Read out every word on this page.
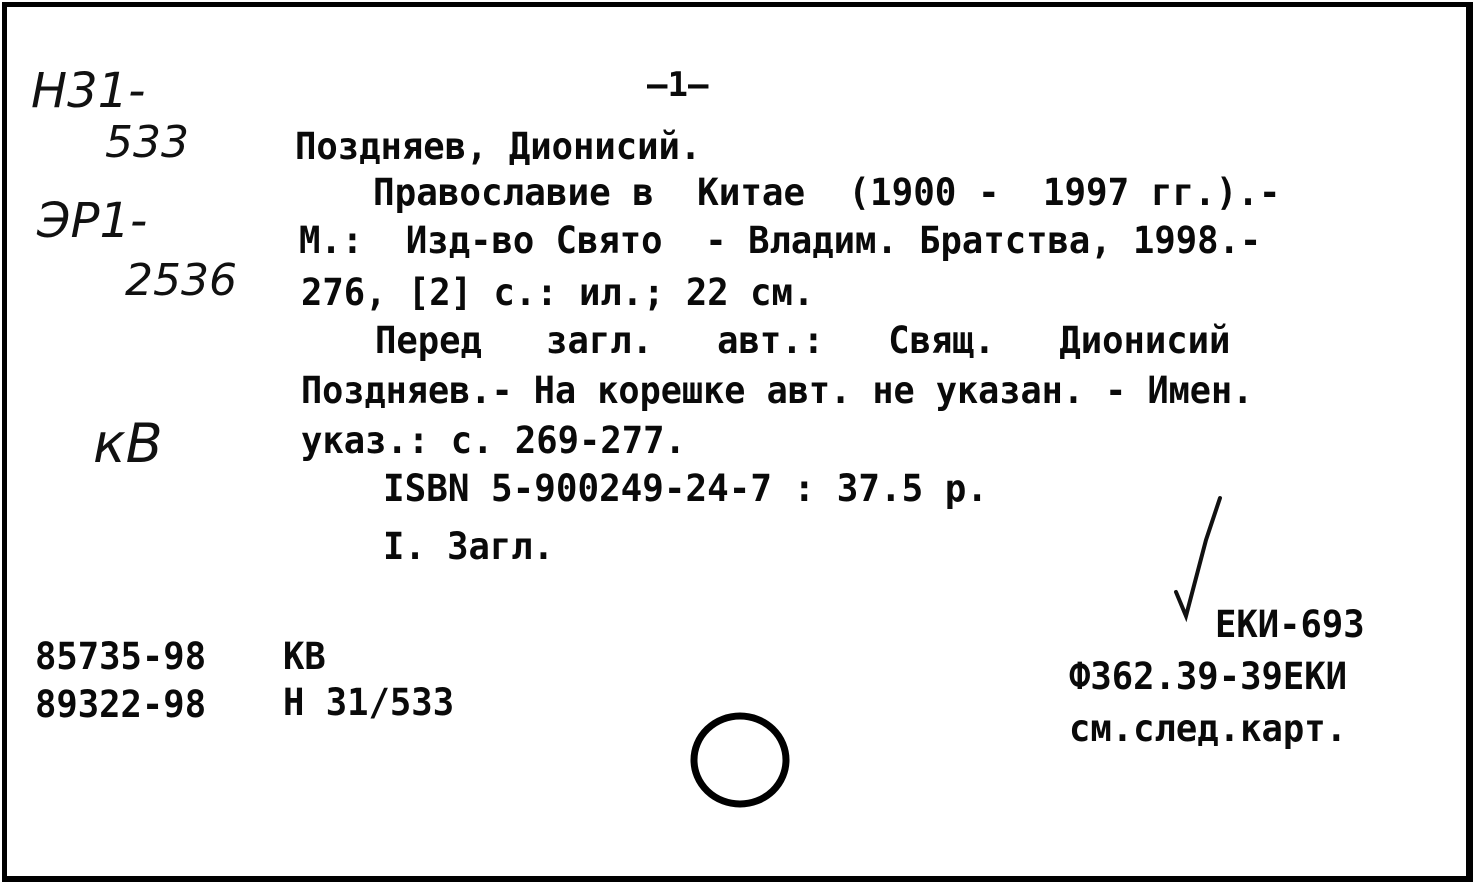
Н31-
533
ЭР1-
2536
кВ
—1—
Поздняев, Дионисий.
Православие в  Китае  (1900 -  1997 гг.).-
М.:  Изд-во Свято  - Владим. Братства, 1998.-
276, [2] с.: ил.; 22 см.
Перед   загл.   авт.:   Свящ.   Дионисий
Поздняев.- На корешке авт. не указан. - Имен.
указ.: с. 269-277.
ISBN 5-900249-24-7 : 37.5 р.
I. Загл.
85735-98 КВ
89322-98 Н 31/533
ЕКИ-693
Ф362.39-39ЕКИ
см.след.карт.
